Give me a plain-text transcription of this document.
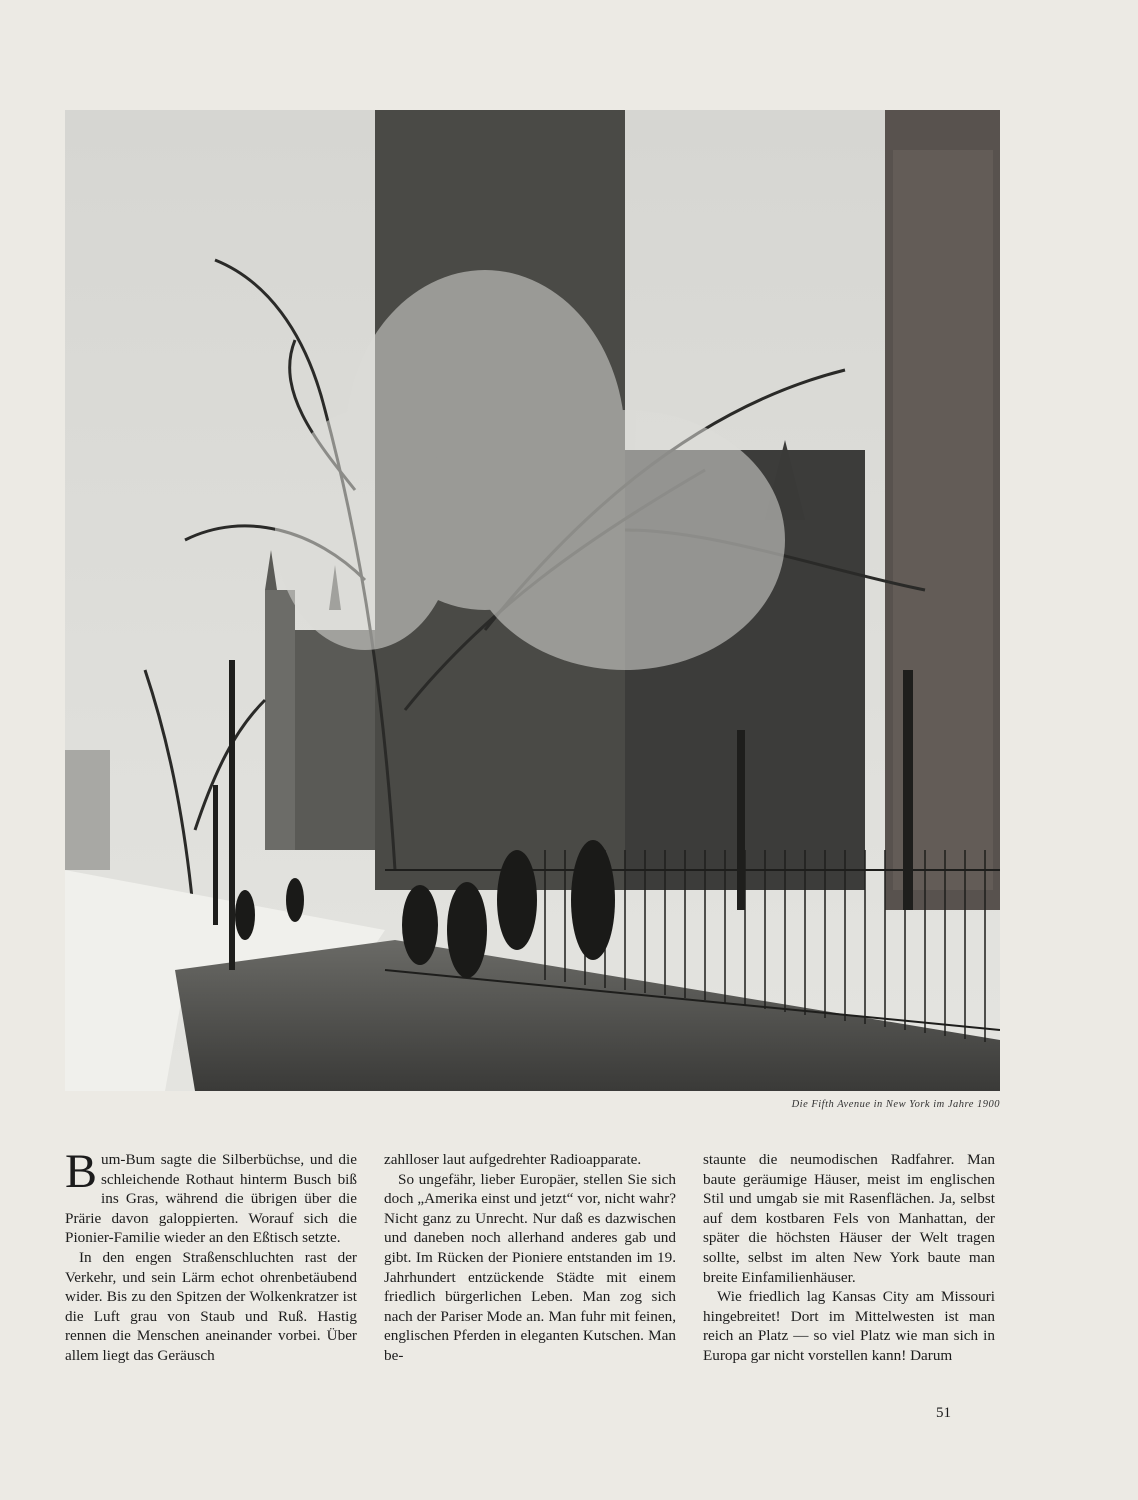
Die Fifth Avenue in New York im Jahre 1900

Bum-Bum sagte die Silberbüchse, und die schleichende Rothaut hinterm Busch biß ins Gras, während die übrigen über die Prärie davon galoppierten. Worauf sich die Pionier-Familie wieder an den Eßtisch setzte.

In den engen Straßenschluchten rast der Verkehr, und sein Lärm echot ohrenbetäubend wider. Bis zu den Spitzen der Wolkenkratzer ist die Luft grau von Staub und Ruß. Hastig rennen die Menschen aneinander vorbei. Über allem liegt das Geräusch

zahlloser laut aufgedrehter Radioapparate.

So ungefähr, lieber Europäer, stellen Sie sich doch „Amerika einst und jetzt“ vor, nicht wahr? Nicht ganz zu Unrecht. Nur daß es dazwischen und daneben noch allerhand anderes gab und gibt. Im Rücken der Pioniere entstanden im 19. Jahrhundert entzückende Städte mit einem friedlich bürgerlichen Leben. Man zog sich nach der Pariser Mode an. Man fuhr mit feinen, englischen Pferden in eleganten Kutschen. Man be-

staunte die neumodischen Radfahrer. Man baute geräumige Häuser, meist im englischen Stil und umgab sie mit Rasenflächen. Ja, selbst auf dem kostbaren Fels von Manhattan, der später die höchsten Häuser der Welt tragen sollte, selbst im alten New York baute man breite Einfamilienhäuser.

Wie friedlich lag Kansas City am Missouri hingebreitet! Dort im Mittelwesten ist man reich an Platz — so viel Platz wie man sich in Europa gar nicht vorstellen kann! Darum

51
